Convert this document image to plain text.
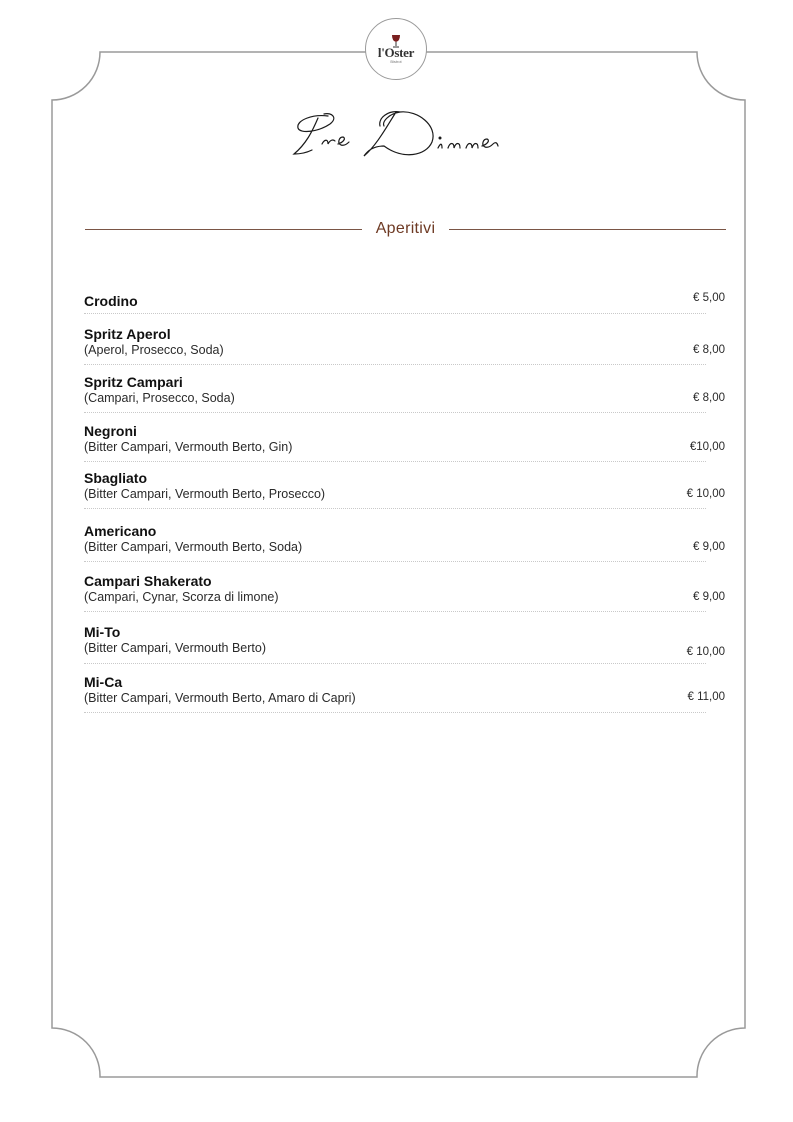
l'Oster
Bistrot
Aperitivi
Crodino	€ 5,00
Spritz Aperol
(Aperol, Prosecco, Soda)	€ 8,00
Spritz Campari
(Campari, Prosecco, Soda)	€ 8,00
Negroni
(Bitter Campari, Vermouth Berto, Gin)	€10,00
Sbagliato
(Bitter Campari, Vermouth Berto, Prosecco)	€ 10,00
Americano
(Bitter Campari, Vermouth Berto, Soda)	€ 9,00
Campari Shakerato
(Campari, Cynar, Scorza di limone)	€ 9,00
Mi-To
(Bitter Campari, Vermouth Berto)	€ 10,00
Mi-Ca
(Bitter Campari, Vermouth Berto, Amaro di Capri)	€ 11,00
